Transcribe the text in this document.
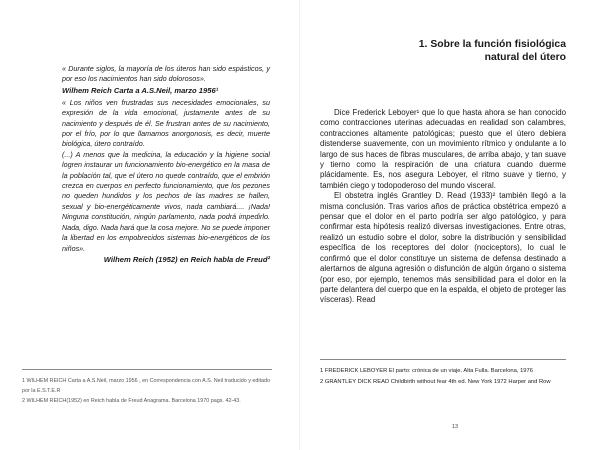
« Durante siglos, la mayoría de los úteros han sido espásticos, y por eso los nacimientos han sido dolorosos».

Wilhem Reich Carta a A.S.Neil, marzo 1956¹

« Los niños ven frustradas sus necesidades emocionales, su expresión de la vida emocional, justamente antes de su nacimiento y después de él. Se frustran antes de su nacimiento, por el frío, por lo que llamamos anorgonosis, es decir, muerte biológica, útero contraído.

(...) A menos que la medicina, la educación y la higiene social logren instaurar un funcionamiento bio-energético en la masa de la población tal, que el útero no quede contraído, que el embrión crezca en cuerpos en perfecto funcionamiento, que los pezones no queden hundidos y los pechos de las madres se hallen, sexual y bio-energéticamente vivos, nada cambiará.... ¡Nada! Ninguna constitución, ningún parlamento, nada podrá impedirlo. Nada, digo. Nada hará que la cosa mejore. No se puede imponer la libertad en los empobrecidos sistemas bio-energéticos de los niños».

Wilhem Reich (1952) en Reich habla de Freud²

1 WILHEM REICH Carta a A.S.Neil, marzo 1956 , en Correspondencia con A.S. Neil traducido y editado por la E.S.T.E.R

2 WILHEM REICH(1952) en Reich habla de Freud Anagrama. Barcelona 1970 pags. 42-43.

1. Sobre la función fisiológica
natural del útero

Dice Frederick Leboyer¹ que lo que hasta ahora se han conocido como contracciones uterinas adecuadas en realidad son calambres, contracciones altamente patológicas; puesto que el útero debiera distenderse suavemente, con un movimiento rítmico y ondulante a lo largo de sus haces de fibras musculares, de arriba abajo, y tan suave y tierno como la respiración de una criatura cuando duerme plácidamente. Es, nos asegura Leboyer, el ritmo suave y tierno, y también ciego y todopoderoso del mundo visceral.

El obstetra inglés Grantley D. Read (1933)² también llegó a la misma conclusión. Tras varios años de práctica obstétrica empezó a pensar que el dolor en el parto podría ser algo patológico, y para confirmar esta hipótesis realizó diversas investigaciones. Entre otras, realizó un estudio sobre el dolor, sobre la distribución y sensibilidad específica de los receptores del dolor (nociceptors), lo cual le confirmó que el dolor constituye un sistema de defensa destinado a alertarnos de alguna agresión o disfunción de algún órgano o sistema (por eso, por ejemplo, tenemos más sensibilidad para el dolor en la parte delantera del cuerpo que en la espalda, el objeto de proteger las vísceras). Read

1 FREDERICK LEBOYER El parto: crónica de un viaje. Alta Fulla. Barcelona, 1976

2 GRANTLEY DICK READ Childbirth without fear 4th ed. New York 1972 Harper and Row

13
